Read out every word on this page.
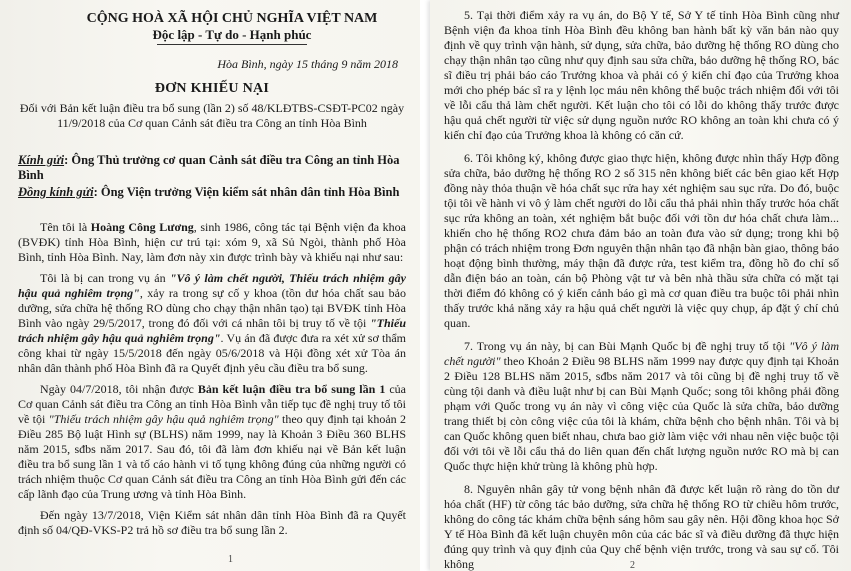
CỘNG HOÀ XÃ HỘI CHỦ NGHĨA VIỆT NAM

Độc lập - Tự do - Hạnh phúc

Hòa Bình, ngày 15 tháng 9 năm 2018

ĐƠN KHIẾU NẠI

Đối với Bản kết luận điều tra bổ sung (lần 2) số 48/KLĐTBS-CSĐT-PC02 ngày 11/9/2018 của Cơ quan Cảnh sát điều tra Công an tỉnh Hòa Bình

Kính gửi: Ông Thủ trưởng cơ quan Cảnh sát điều tra Công an tỉnh Hòa Bình

Đồng kính gửi: Ông Viện trưởng Viện kiểm sát nhân dân tỉnh Hòa Bình

Tên tôi là Hoàng Công Lương, sinh 1986, công tác tại Bệnh viện đa khoa (BVĐK) tỉnh Hòa Bình, hiện cư trú tại: xóm 9, xã Sủ Ngòi, thành phố Hòa Bình, tỉnh Hòa Bình. Nay, làm đơn này xin được trình bày và khiếu nại như sau:

Tôi là bị can trong vụ án "Vô ý làm chết người, Thiếu trách nhiệm gây hậu quả nghiêm trọng", xảy ra trong sự cố y khoa (tồn dư hóa chất sau bảo dưỡng, sửa chữa hệ thống RO dùng cho chạy thận nhân tạo) tại BVĐK tỉnh Hòa Bình vào ngày 29/5/2017, trong đó đối với cá nhân tôi bị truy tố về tội "Thiếu trách nhiệm gây hậu quả nghiêm trọng". Vụ án đã được đưa ra xét xử sơ thẩm công khai từ ngày 15/5/2018 đến ngày 05/6/2018 và Hội đồng xét xử Tòa án nhân dân thành phố Hòa Bình đã ra Quyết định yêu cầu điều tra bổ sung.

Ngày 04/7/2018, tôi nhận được Bản kết luận điều tra bổ sung lần 1 của Cơ quan Cảnh sát điều tra Công an tỉnh Hòa Bình vẫn tiếp tục đề nghị truy tố tôi về tội "Thiếu trách nhiệm gây hậu quả nghiêm trọng" theo quy định tại khoản 2 Điều 285 Bộ luật Hình sự (BLHS) năm 1999, nay là Khoản 3 Điều 360 BLHS năm 2015, sđbs năm 2017. Sau đó, tôi đã làm đơn khiếu nại về Bản kết luận điều tra bổ sung lần 1 và tố cáo hành vi tố tụng không đúng của những người có trách nhiệm thuộc Cơ quan Cảnh sát điều tra Công an tỉnh Hòa Bình gửi đến các cấp lãnh đạo của Trung ương và tỉnh Hòa Bình.

Đến ngày 13/7/2018, Viện Kiểm sát nhân dân tỉnh Hòa Bình đã ra Quyết định số 04/QĐ-VKS-P2 trả hồ sơ điều tra bổ sung lần 2.

1

5. Tại thời điểm xảy ra vụ án, do Bộ Y tế, Sở Y tế tỉnh Hòa Bình cũng như Bệnh viện đa khoa tỉnh Hòa Bình đều không ban hành bất kỳ văn bản nào quy định về quy trình vận hành, sử dụng, sửa chữa, bảo dưỡng hệ thống RO dùng cho chạy thận nhân tạo cũng như quy định sau sửa chữa, bảo dưỡng hệ thống RO, bác sĩ điều trị phải báo cáo Trưởng khoa và phải có ý kiến chỉ đạo của Trưởng khoa mới cho phép bác sĩ ra y lệnh lọc máu nên không thể buộc trách nhiệm đối với tôi về lỗi cẩu thả làm chết người. Kết luận cho tôi có lỗi do không thấy trước được hậu quả chết người từ việc sử dụng nguồn nước RO không an toàn khi chưa có ý kiến chỉ đạo của Trưởng khoa là không có căn cứ.

6. Tôi không ký, không được giao thực hiện, không được nhìn thấy Hợp đồng sửa chữa, bảo dưỡng hệ thống RO 2 số 315 nên không biết các bên giao kết Hợp đồng này thỏa thuận về hóa chất sục rửa hay xét nghiệm sau sục rửa. Do đó, buộc tội tôi về hành vi vô ý làm chết người do lỗi cẩu thả phải nhìn thấy trước hóa chất sục rửa không an toàn, xét nghiệm bắt buộc đối với tồn dư hóa chất chưa làm... khiến cho hệ thống RO2 chưa đảm bảo an toàn đưa vào sử dụng; trong khi bộ phận có trách nhiệm trong Đơn nguyên thận nhân tạo đã nhận bàn giao, thông báo hoạt động bình thường, máy thận đã được rửa, test kiểm tra, đồng hồ đo chỉ số dẫn điện báo an toàn, cán bộ Phòng vật tư và bên nhà thầu sửa chữa có mặt tại thời điểm đó không có ý kiến cảnh báo gì mà cơ quan điều tra buộc tôi phải nhìn thấy trước khả năng xảy ra hậu quả chết người là việc quy chụp, áp đặt ý chí chủ quan.

7. Trong vụ án này, bị can Bùi Mạnh Quốc bị đề nghị truy tố tội "Vô ý làm chết người" theo Khoản 2 Điều 98 BLHS năm 1999 nay được quy định tại Khoản 2 Điều 128 BLHS năm 2015, sđbs năm 2017 và tôi cũng bị đề nghị truy tố về cùng tội danh và điều luật như bị can Bùi Mạnh Quốc; song tôi không phải đồng phạm với Quốc trong vụ án này vì công việc của Quốc là sửa chữa, bảo dưỡng trang thiết bị còn công việc của tôi là khám, chữa bệnh cho bệnh nhân. Tôi và bị can Quốc không quen biết nhau, chưa bao giờ làm việc với nhau nên việc buộc tội đối với tôi về lỗi cẩu thả do liên quan đến chất lượng nguồn nước RO mà bị can Quốc thực hiện khử trùng là không phù hợp.

8. Nguyên nhân gây tử vong bệnh nhân đã được kết luận rõ ràng do tồn dư hóa chất (HF) từ công tác bảo dưỡng, sửa chữa hệ thống RO từ chiều hôm trước, không do công tác khám chữa bệnh sáng hôm sau gây nên. Hội đồng khoa học Sở Y tế Hòa Bình đã kết luận chuyên môn của các bác sĩ và điều dưỡng đã thực hiện đúng quy trình và quy định của Quy chế bệnh viện trước, trong và sau sự cố. Tôi không	2
